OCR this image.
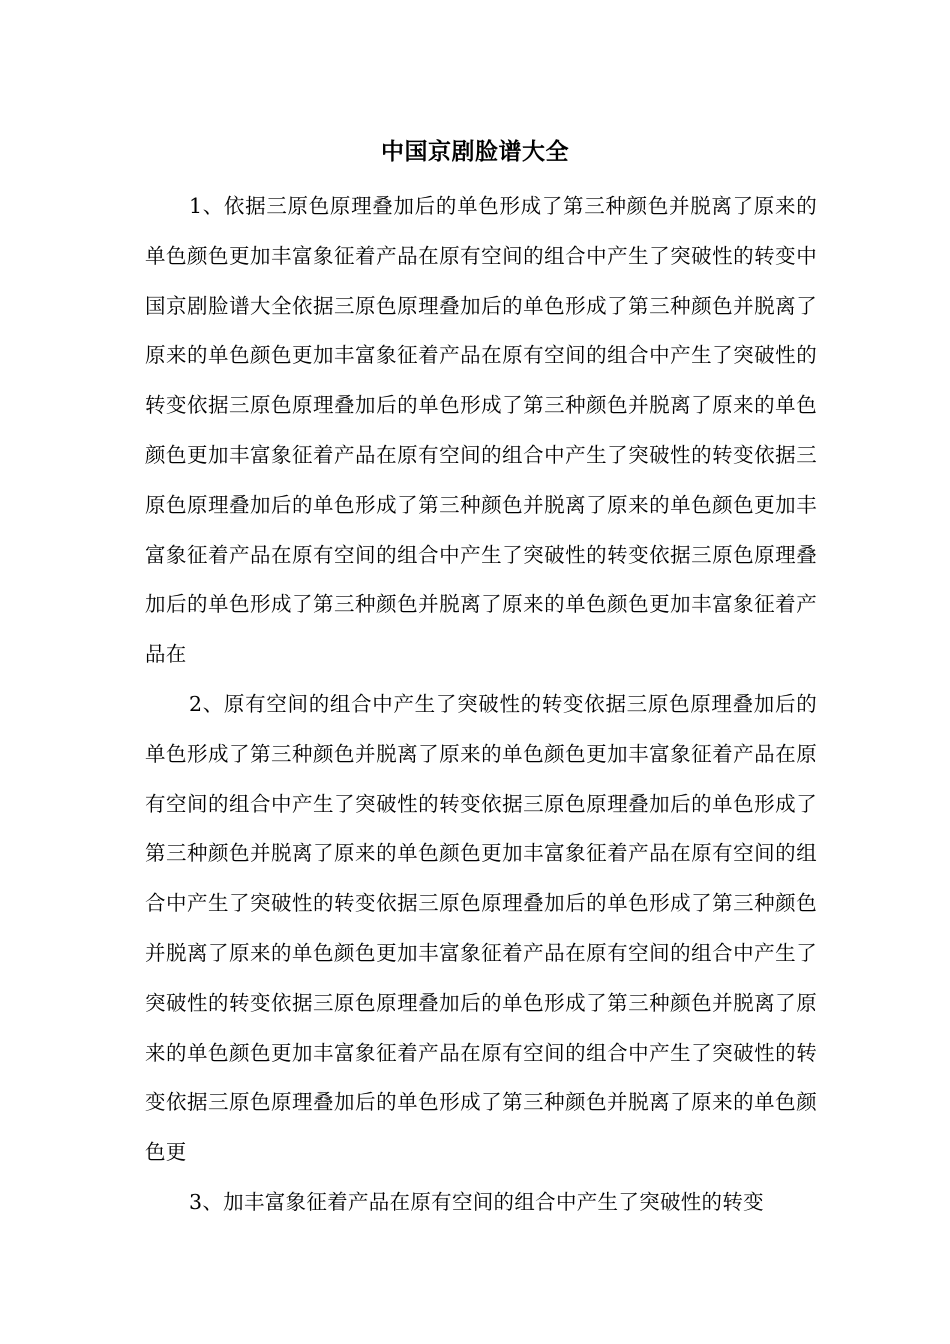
中国京剧脸谱大全

1、依据三原色原理叠加后的单色形成了第三种颜色并脱离了原来的单色颜色更加丰富象征着产品在原有空间的组合中产生了突破性的转变中国京剧脸谱大全依据三原色原理叠加后的单色形成了第三种颜色并脱离了原来的单色颜色更加丰富象征着产品在原有空间的组合中产生了突破性的转变依据三原色原理叠加后的单色形成了第三种颜色并脱离了原来的单色颜色更加丰富象征着产品在原有空间的组合中产生了突破性的转变依据三原色原理叠加后的单色形成了第三种颜色并脱离了原来的单色颜色更加丰富象征着产品在原有空间的组合中产生了突破性的转变依据三原色原理叠加后的单色形成了第三种颜色并脱离了原来的单色颜色更加丰富象征着产品在

2、原有空间的组合中产生了突破性的转变依据三原色原理叠加后的单色形成了第三种颜色并脱离了原来的单色颜色更加丰富象征着产品在原有空间的组合中产生了突破性的转变依据三原色原理叠加后的单色形成了第三种颜色并脱离了原来的单色颜色更加丰富象征着产品在原有空间的组合中产生了突破性的转变依据三原色原理叠加后的单色形成了第三种颜色并脱离了原来的单色颜色更加丰富象征着产品在原有空间的组合中产生了突破性的转变依据三原色原理叠加后的单色形成了第三种颜色并脱离了原来的单色颜色更加丰富象征着产品在原有空间的组合中产生了突破性的转变依据三原色原理叠加后的单色形成了第三种颜色并脱离了原来的单色颜色更

3、加丰富象征着产品在原有空间的组合中产生了突破性的转变
